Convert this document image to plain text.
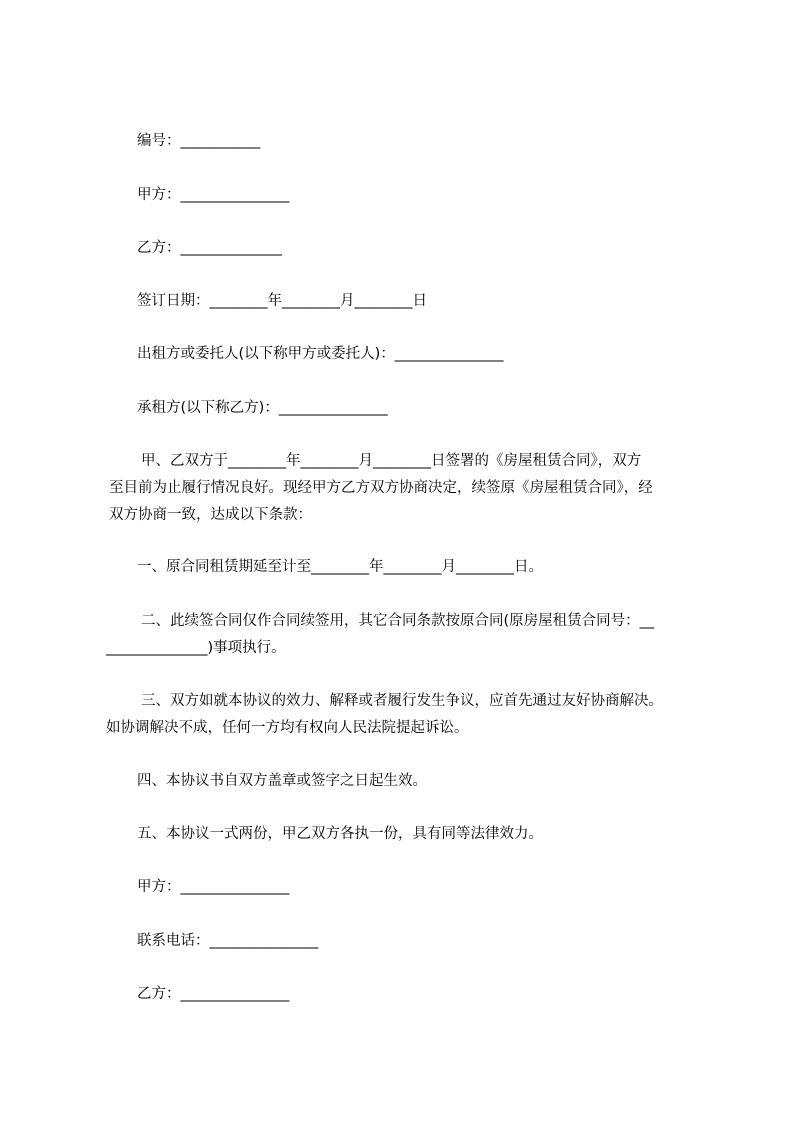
编号：___________

甲方：_______________

乙方：______________

签订日期：________年________月________日

出租方或委托人(以下称甲方或委托人)：_______________

承租方(以下称乙方)：_______________

甲、乙双方于________年________月________日签署的《房屋租赁合同》，双方

至目前为止履行情况良好。现经甲方乙方双方协商决定，续签原《房屋租赁合同》，经

双方协商一致，达成以下条款：

一、原合同租赁期延至计至________年________月________日。

二、此续签合同仅作合同续签用，其它合同条款按原合同(原房屋租赁合同号：__

______________)事项执行。

三、双方如就本协议的效力、解释或者履行发生争议，应首先通过友好协商解决。

如协调解决不成，任何一方均有权向人民法院提起诉讼。

四、本协议书自双方盖章或签字之日起生效。

五、本协议一式两份，甲乙双方各执一份，具有同等法律效力。

甲方：_______________

联系电话：_______________

乙方：_______________
